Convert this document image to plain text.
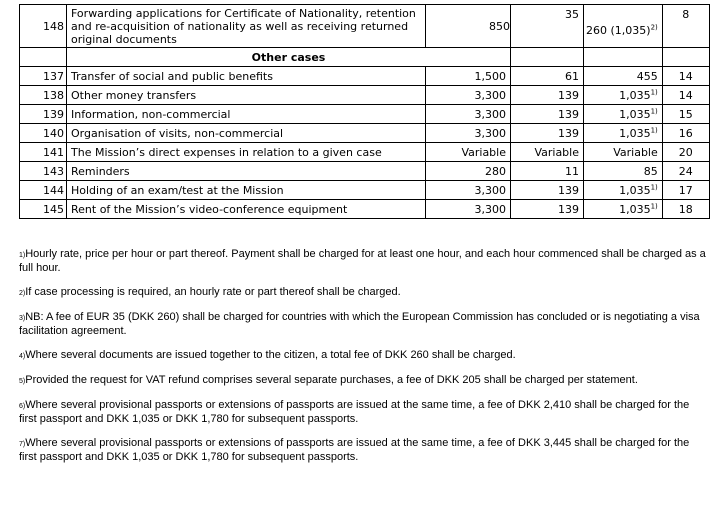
148	Forwarding applications for Certificate of Nationality, retention and re-acquisition of nationality as well as receiving returned original documents	850	35	260 $(1,035)^{2)}$	8
	Other cases				
137	Transfer of social and public benefits	1,500	61	455	14
138	Other money transfers	3,300	139	1,035$^{1)}$	14
139	Information, non-commercial	3,300	139	1,035$^{1)}$	15
140	Organisation of visits, non-commercial	3,300	139	1,035$^{1)}$	16
141	The Mission’s direct expenses in relation to a given case	Variable	Variable	Variable	20
143	Reminders	280	11	85	24
144	Holding of an exam/test at the Mission	3,300	139	1,035$^{1)}$	17
145	Rent of the Mission’s video-conference equipment	3,300	139	1,035$^{1)}$	18

1)Hourly rate, price per hour or part thereof. Payment shall be charged for at least one hour, and each hour commenced shall be charged as a full hour.

2)If case processing is required, an hourly rate or part thereof shall be charged.

3)NB: A fee of EUR 35 (DKK 260) shall be charged for countries with which the European Commission has concluded or is negotiating a visa facilitation agreement.

4)Where several documents are issued together to the citizen, a total fee of DKK 260 shall be charged.

5)Provided the request for VAT refund comprises several separate purchases, a fee of DKK 205 shall be charged per statement.

6)Where several provisional passports or extensions of passports are issued at the same time, a fee of DKK 2,410 shall be charged for the first passport and DKK 1,035 or DKK 1,780 for subsequent passports.

7)Where several provisional passports or extensions of passports are issued at the same time, a fee of DKK 3,445 shall be charged for the first passport and DKK 1,035 or DKK 1,780 for subsequent passports.
